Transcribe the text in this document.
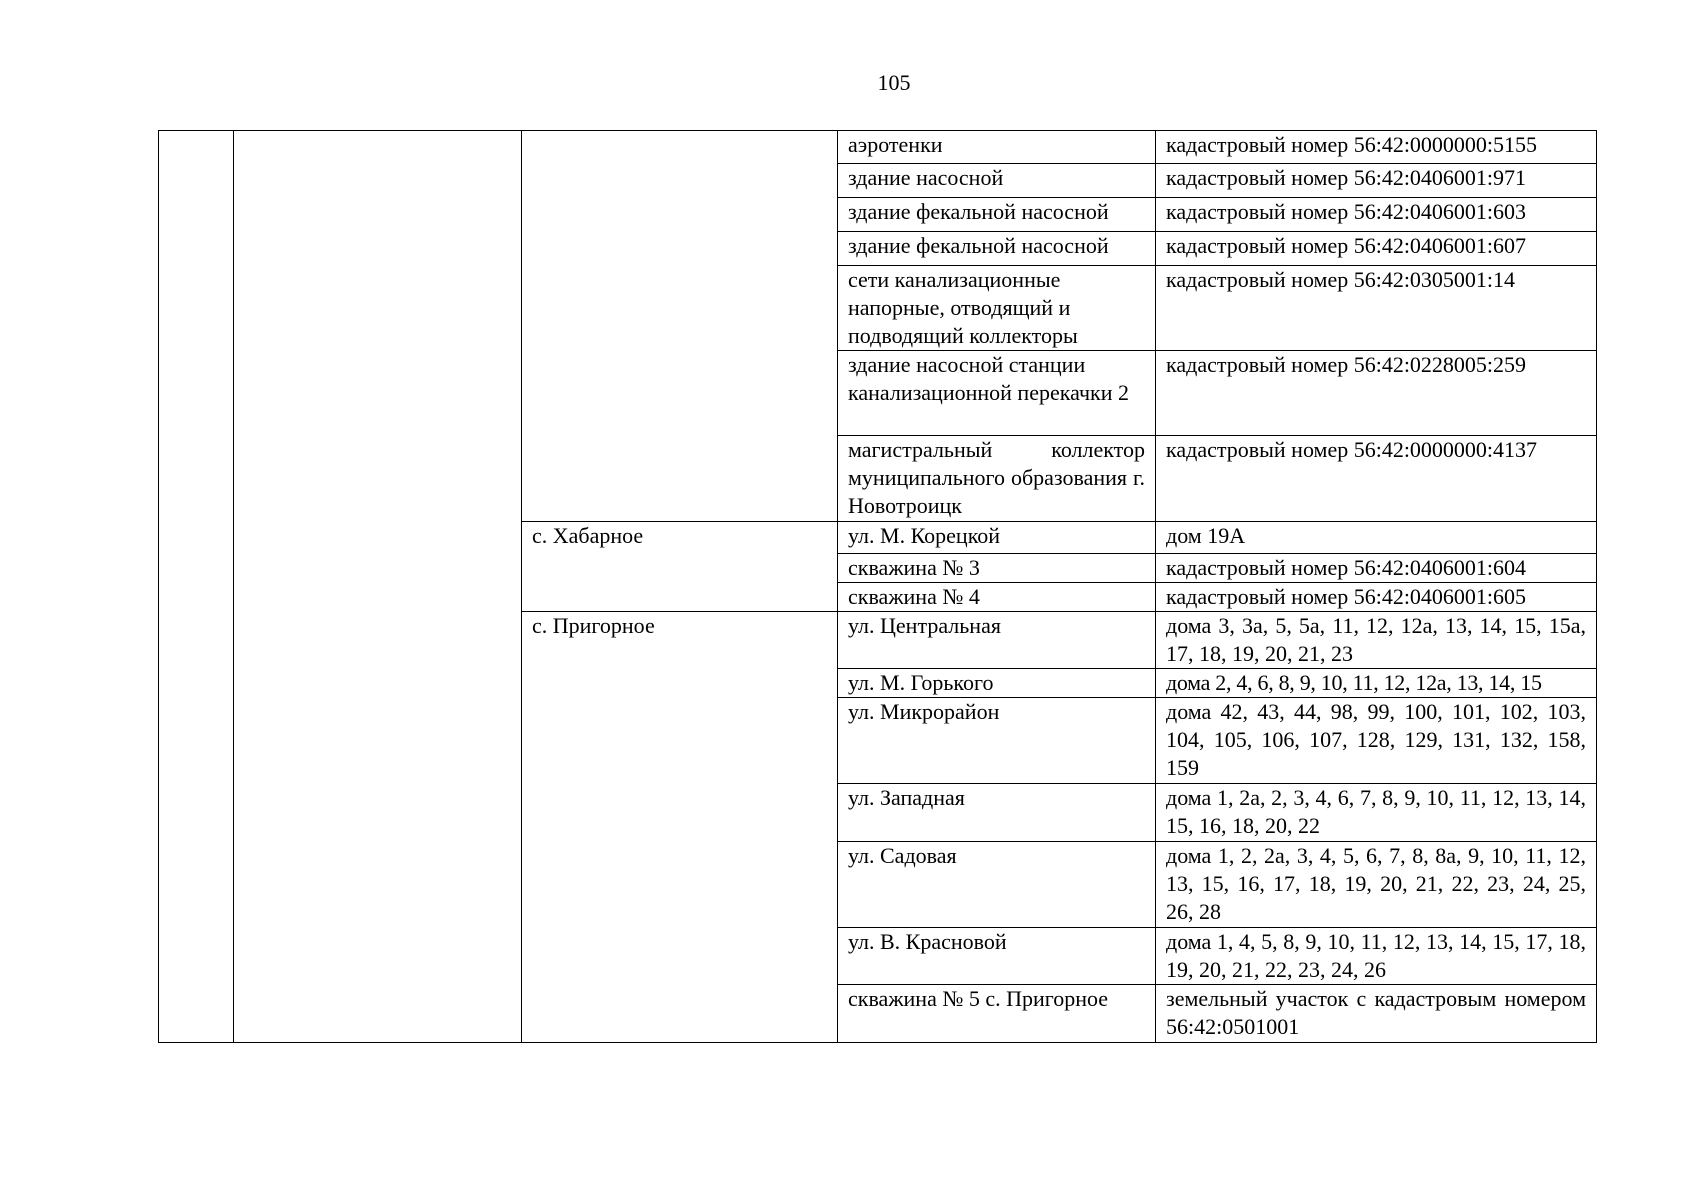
105
			аэротенки	кадастровый номер 56:42:0000000:5155
			здание насосной	кадастровый номер 56:42:0406001:971
			здание фекальной насосной	кадастровый номер 56:42:0406001:603
			здание фекальной насосной	кадастровый номер 56:42:0406001:607
			сети канализационные напорные, отводящий и подводящий коллекторы	кадастровый номер 56:42:0305001:14
			здание насосной станции канализационной перекачки 2	кадастровый номер 56:42:0228005:259
			магистральный коллектор муниципального образования г. Новотроицк	кадастровый номер 56:42:0000000:4137
		с. Хабарное	ул. М. Корецкой	дом 19А
			скважина № 3	кадастровый номер 56:42:0406001:604
			скважина № 4	кадастровый номер 56:42:0406001:605
		с. Пригорное	ул. Центральная	дома 3, 3а, 5, 5а, 11, 12, 12а, 13, 14, 15, 15а, 17, 18, 19, 20, 21, 23
			ул. М. Горького	дома 2, 4, 6, 8, 9, 10, 11, 12, 12а, 13, 14, 15
			ул. Микрорайон	дома 42, 43, 44, 98, 99, 100, 101, 102, 103, 104, 105, 106, 107, 128, 129, 131, 132, 158, 159
			ул. Западная	дома 1, 2а, 2, 3, 4, 6, 7, 8, 9, 10, 11, 12, 13, 14, 15, 16, 18, 20, 22
			ул. Садовая	дома 1, 2, 2а, 3, 4, 5, 6, 7, 8, 8а, 9, 10, 11, 12, 13, 15, 16, 17, 18, 19, 20, 21, 22, 23, 24, 25, 26, 28
			ул. В. Красновой	дома 1, 4, 5, 8, 9, 10, 11, 12, 13, 14, 15, 17, 18, 19, 20, 21, 22, 23, 24, 26
			скважина № 5 с. Пригорное	земельный участок с кадастровым номером 56:42:0501001
